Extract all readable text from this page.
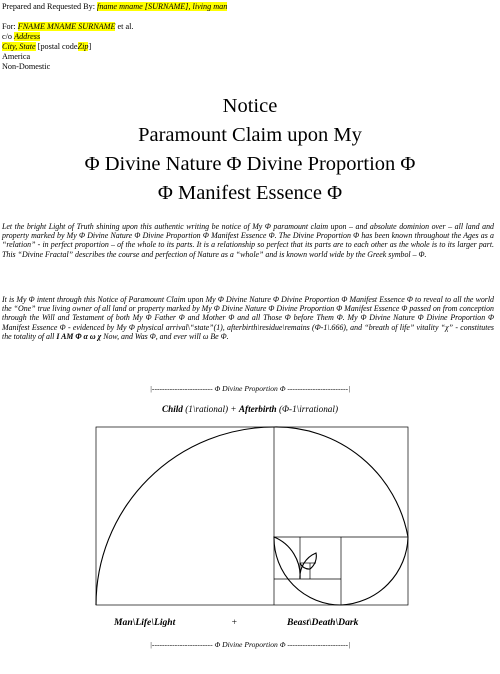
Prepared and Requested By: fname mname [SURNAME], living man
For: FNAME MNAME SURNAME et al.
c/o Address
City, State [postal codeZip]
America
Non-Domestic
Notice
Paramount Claim upon My
Φ Divine Nature Φ Divine Proportion Φ
Φ Manifest Essence Φ
Let the bright Light of Truth shining upon this authentic writing be notice of My Φ paramount claim upon – and absolute dominion over – all land and property marked by My Φ Divine Nature Φ Divine Proportion Φ Manifest Essence Φ. The Divine Proportion Φ has been known throughout the Ages as a “relation” - in perfect proportion – of the whole to its parts. It is a relationship so perfect that its parts are to each other as the whole is to its larger part. This “Divine Fractal” describes the course and perfection of Nature as a “whole” and is known world wide by the Greek symbol – Φ.
It is My Φ intent through this Notice of Paramount Claim upon My Φ Divine Nature Φ Divine Proportion Φ Manifest Essence Φ to reveal to all the world the “One” true living owner of all land or property marked by My Φ Divine Nature Φ Divine Proportion Φ Manifest Essence Φ passed on from conception through the Will and Testament of both My Φ Father Φ and Mother Φ and all Those Φ before Them Φ. My Φ Divine Nature Φ Divine Proportion Φ Manifest Essence Φ - evidenced by My Φ physical arrival\“state”(1), afterbirth\residue\remains (Φ-1\.666), and “breath of life” vitality “χ” - constitutes the totality of all I AM Φ α ω χ Now, and Was Φ, and ever will ω Be Φ.
|------------------------ Φ Divine Proportion Φ ------------------------|
Child (1\rational) + Afterbirth (Φ-1\irrational)
Man\Life\Light	+	Beast\Death\Dark
|------------------------ Φ Divine Proportion Φ ------------------------|
